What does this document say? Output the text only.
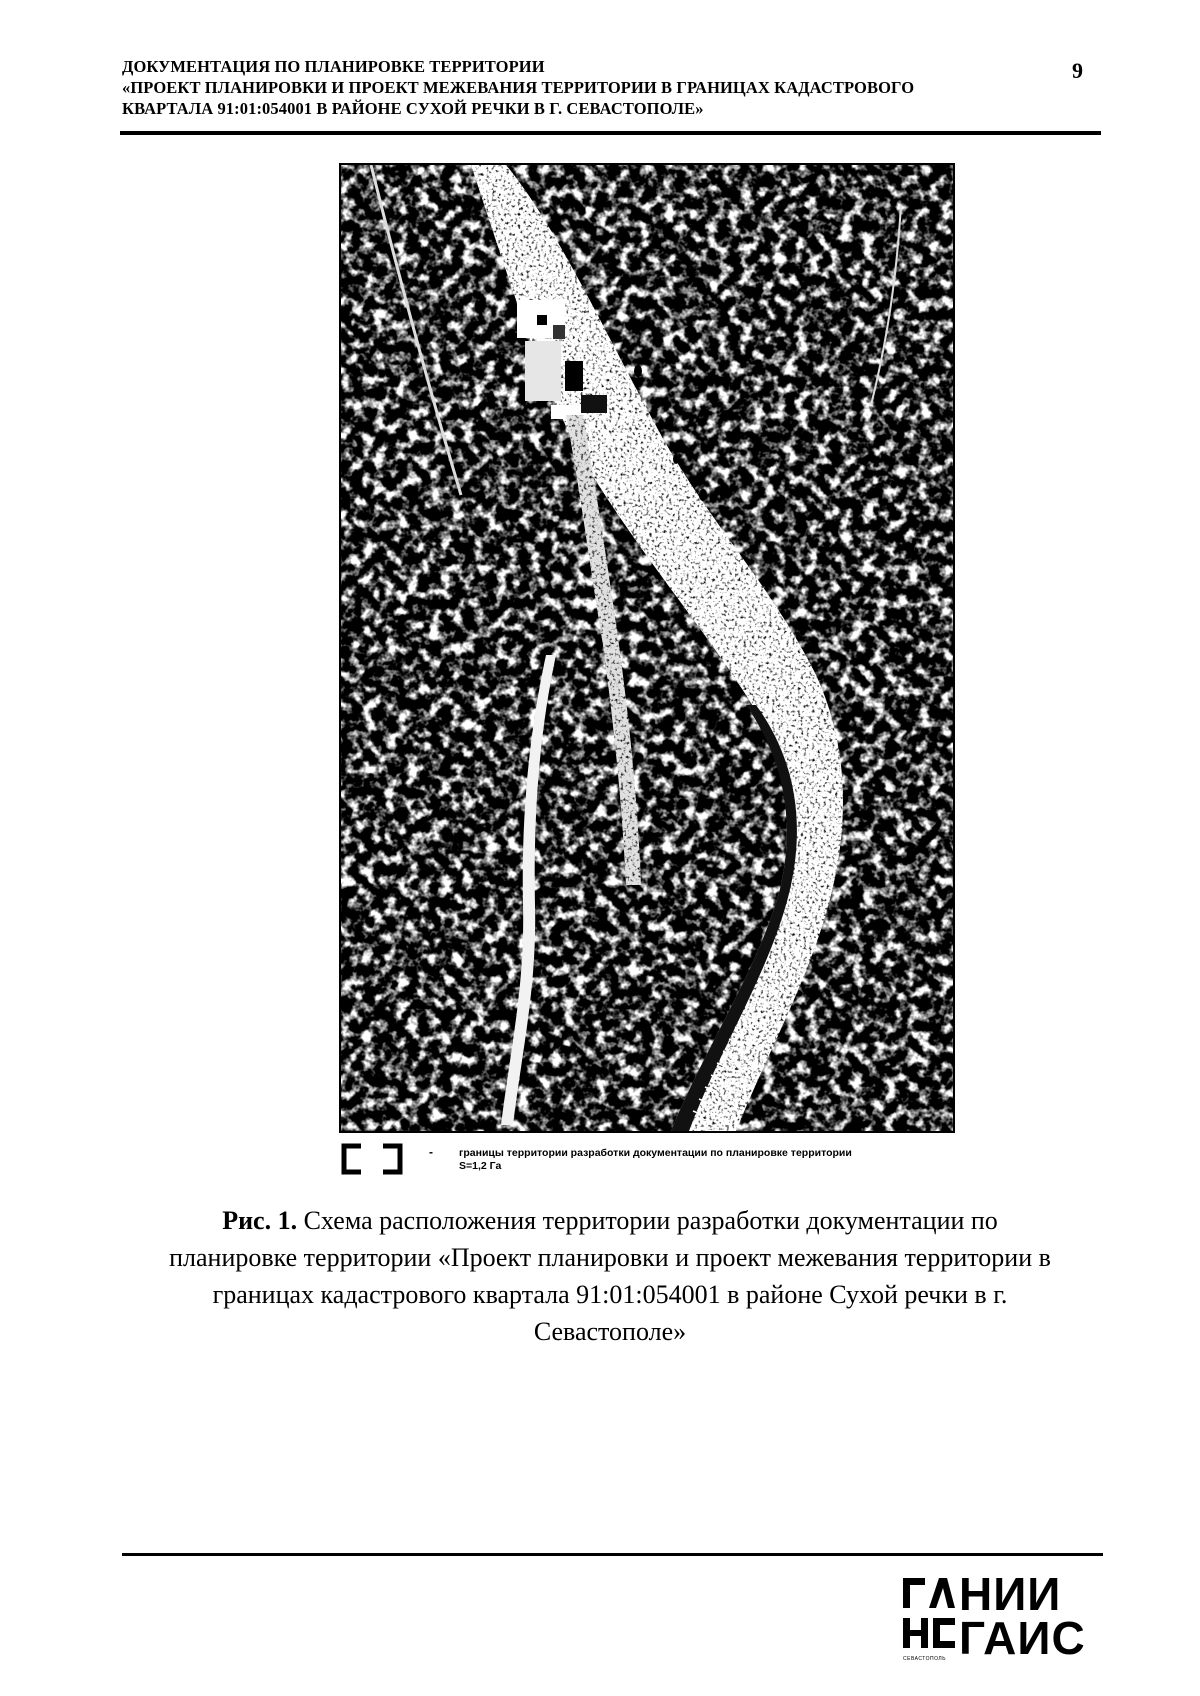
ДОКУМЕНТАЦИЯ ПО ПЛАНИРОВКЕ ТЕРРИТОРИИ
«ПРОЕКТ ПЛАНИРОВКИ И ПРОЕКТ МЕЖЕВАНИЯ ТЕРРИТОРИИ В ГРАНИЦАХ КАДАСТРОВОГО
КВАРТАЛА 91:01:054001 В РАЙОНЕ СУХОЙ РЕЧКИ В Г. СЕВАСТОПОЛЕ»
9
- границы территории разработки документации по планировке территории
S=1,2 Га
Рис. 1. Схема расположения территории разработки документации по
планировке территории «Проект планировки и проект межевания территории в
границах кадастрового квартала 91:01:054001 в районе Сухой речки в г.
Севастополе»
НИИ
ГАИС
СЕВАСТОПОЛЬ
